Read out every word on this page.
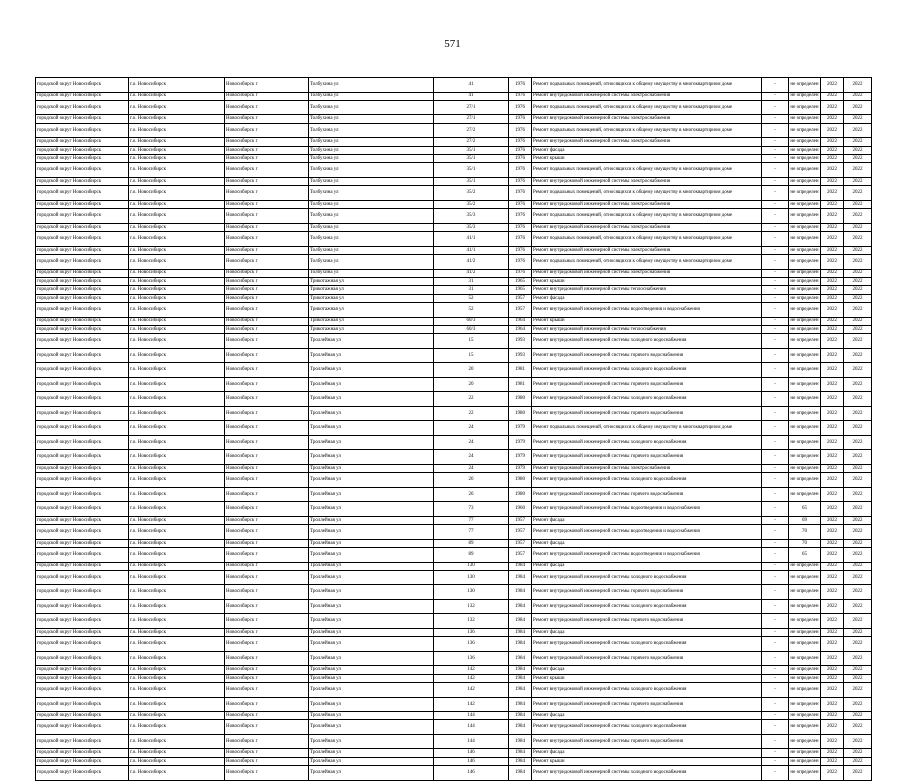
571
городской округ Новосибирск	г.о. Новосибирск	Новосибирск г	Толбухина ул	41	1976	Ремонт подвальных помещений, относящихся к общему имуществу в многоквартирном доме	-	не определен	2022	2022
городской округ Новосибирск	г.о. Новосибирск	Новосибирск г	Толбухина ул	41	1976	Ремонт внутридомовой инженерной системы электроснабжения	-	не определен	2022	2022
городской округ Новосибирск	г.о. Новосибирск	Новосибирск г	Толбухина ул	27/1	1976	Ремонт подвальных помещений, относящихся к общему имуществу в многоквартирном доме	-	не определен	2022	2022
городской округ Новосибирск	г.о. Новосибирск	Новосибирск г	Толбухина ул	27/1	1976	Ремонт внутридомовой инженерной системы электроснабжения	-	не определен	2022	2022
городской округ Новосибирск	г.о. Новосибирск	Новосибирск г	Толбухина ул	27/2	1976	Ремонт подвальных помещений, относящихся к общему имуществу в многоквартирном доме	-	не определен	2022	2022
городской округ Новосибирск	г.о. Новосибирск	Новосибирск г	Толбухина ул	27/2	1976	Ремонт внутридомовой инженерной системы электроснабжения	-	не определен	2022	2022
городской округ Новосибирск	г.о. Новосибирск	Новосибирск г	Толбухина ул	35/1	1976	Ремонт фасада	-	не определен	2022	2022
городской округ Новосибирск	г.о. Новосибирск	Новосибирск г	Толбухина ул	35/1	1976	Ремонт крыши	-	не определен	2022	2022
городской округ Новосибирск	г.о. Новосибирск	Новосибирск г	Толбухина ул	35/1	1976	Ремонт подвальных помещений, относящихся к общему имуществу в многоквартирном доме	-	не определен	2022	2022
городской округ Новосибирск	г.о. Новосибирск	Новосибирск г	Толбухина ул	35/1	1976	Ремонт внутридомовой инженерной системы электроснабжения	-	не определен	2022	2022
городской округ Новосибирск	г.о. Новосибирск	Новосибирск г	Толбухина ул	35/2	1976	Ремонт подвальных помещений, относящихся к общему имуществу в многоквартирном доме	-	не определен	2022	2022
городской округ Новосибирск	г.о. Новосибирск	Новосибирск г	Толбухина ул	35/2	1976	Ремонт внутридомовой инженерной системы электроснабжения	-	не определен	2022	2022
городской округ Новосибирск	г.о. Новосибирск	Новосибирск г	Толбухина ул	35/3	1976	Ремонт подвальных помещений, относящихся к общему имуществу в многоквартирном доме	-	не определен	2022	2022
городской округ Новосибирск	г.о. Новосибирск	Новосибирск г	Толбухина ул	35/3	1976	Ремонт внутридомовой инженерной системы электроснабжения	-	не определен	2022	2022
городской округ Новосибирск	г.о. Новосибирск	Новосибирск г	Толбухина ул	41/1	1976	Ремонт подвальных помещений, относящихся к общему имуществу в многоквартирном доме	-	не определен	2022	2022
городской округ Новосибирск	г.о. Новосибирск	Новосибирск г	Толбухина ул	41/1	1976	Ремонт внутридомовой инженерной системы электроснабжения	-	не определен	2022	2022
городской округ Новосибирск	г.о. Новосибирск	Новосибирск г	Толбухина ул	41/2	1976	Ремонт подвальных помещений, относящихся к общему имуществу в многоквартирном доме	-	не определен	2022	2022
городской округ Новосибирск	г.о. Новосибирск	Новосибирск г	Толбухина ул	41/2	1976	Ремонт внутридомовой инженерной системы электроснабжения	-	не определен	2022	2022
городской округ Новосибирск	г.о. Новосибирск	Новосибирск г	Трикотажная ул	31	1965	Ремонт крыши	-	не определен	2022	2022
городской округ Новосибирск	г.о. Новосибирск	Новосибирск г	Трикотажная ул	31	1965	Ремонт внутридомовой инженерной системы теплоснабжения	-	не определен	2022	2022
городской округ Новосибирск	г.о. Новосибирск	Новосибирск г	Трикотажная ул	52	1957	Ремонт фасада	-	не определен	2022	2022
городской округ Новосибирск	г.о. Новосибирск	Новосибирск г	Трикотажная ул	52	1957	Ремонт внутридомовой инженерной системы водоотведения и водоснабжения	-	не определен	2022	2022
городской округ Новосибирск	г.о. Новосибирск	Новосибирск г	Трикотажная ул	60/3	1964	Ремонт крыши	-	не определен	2022	2022
городской округ Новосибирск	г.о. Новосибирск	Новосибирск г	Трикотажная ул	60/3	1964	Ремонт внутридомовой инженерной системы теплоснабжения	-	не определен	2022	2022
городской округ Новосибирск	г.о. Новосибирск	Новосибирск г	Троллейная ул	15	1993	Ремонт внутридомовой инженерной системы холодного водоснабжения	-	не определен	2022	2022
городской округ Новосибирск	г.о. Новосибирск	Новосибирск г	Троллейная ул	15	1993	Ремонт внутридомовой инженерной системы горячего водоснабжения	-	не определен	2022	2022
городской округ Новосибирск	г.о. Новосибирск	Новосибирск г	Троллейная ул	20	1981	Ремонт внутридомовой инженерной системы холодного водоснабжения	-	не определен	2022	2022
городской округ Новосибирск	г.о. Новосибирск	Новосибирск г	Троллейная ул	20	1981	Ремонт внутридомовой инженерной системы горячего водоснабжения	-	не определен	2022	2022
городской округ Новосибирск	г.о. Новосибирск	Новосибирск г	Троллейная ул	22	1980	Ремонт внутридомовой инженерной системы холодного водоснабжения	-	не определен	2022	2022
городской округ Новосибирск	г.о. Новосибирск	Новосибирск г	Троллейная ул	22	1980	Ремонт внутридомовой инженерной системы горячего водоснабжения	-	не определен	2022	2022
городской округ Новосибирск	г.о. Новосибирск	Новосибирск г	Троллейная ул	24	1979	Ремонт подвальных помещений, относящихся к общему имуществу в многоквартирном доме	-	не определен	2022	2022
городской округ Новосибирск	г.о. Новосибирск	Новосибирск г	Троллейная ул	24	1979	Ремонт внутридомовой инженерной системы холодного водоснабжения	-	не определен	2022	2022
городской округ Новосибирск	г.о. Новосибирск	Новосибирск г	Троллейная ул	24	1979	Ремонт внутридомовой инженерной системы горячего водоснабжения	-	не определен	2022	2022
городской округ Новосибирск	г.о. Новосибирск	Новосибирск г	Троллейная ул	24	1979	Ремонт внутридомовой инженерной системы электроснабжения	-	не определен	2022	2022
городской округ Новосибирск	г.о. Новосибирск	Новосибирск г	Троллейная ул	26	1980	Ремонт внутридомовой инженерной системы холодного водоснабжения	-	не определен	2022	2022
городской округ Новосибирск	г.о. Новосибирск	Новосибирск г	Троллейная ул	26	1980	Ремонт внутридомовой инженерной системы горячего водоснабжения	-	не определен	2022	2022
городской округ Новосибирск	г.о. Новосибирск	Новосибирск г	Троллейная ул	73	1960	Ремонт внутридомовой инженерной системы водоотведения и водоснабжения	-	65	2022	2022
городской округ Новосибирск	г.о. Новосибирск	Новосибирск г	Троллейная ул	77	1957	Ремонт фасада	-	69	2022	2022
городской округ Новосибирск	г.о. Новосибирск	Новосибирск г	Троллейная ул	77	1957	Ремонт внутридомовой инженерной системы водоотведения и водоснабжения	-	70	2022	2022
городской округ Новосибирск	г.о. Новосибирск	Новосибирск г	Троллейная ул	89	1957	Ремонт фасада	-	70	2022	2022
городской округ Новосибирск	г.о. Новосибирск	Новосибирск г	Троллейная ул	89	1957	Ремонт внутридомовой инженерной системы водоотведения и водоснабжения	-	65	2022	2022
городской округ Новосибирск	г.о. Новосибирск	Новосибирск г	Троллейная ул	130	1984	Ремонт фасада	-	не определен	2022	2022
городской округ Новосибирск	г.о. Новосибирск	Новосибирск г	Троллейная ул	130	1984	Ремонт внутридомовой инженерной системы холодного водоснабжения	-	не определен	2022	2022
городской округ Новосибирск	г.о. Новосибирск	Новосибирск г	Троллейная ул	130	1984	Ремонт внутридомовой инженерной системы горячего водоснабжения	-	не определен	2022	2022
городской округ Новосибирск	г.о. Новосибирск	Новосибирск г	Троллейная ул	132	1984	Ремонт внутридомовой инженерной системы холодного водоснабжения	-	не определен	2022	2022
городской округ Новосибирск	г.о. Новосибирск	Новосибирск г	Троллейная ул	132	1984	Ремонт внутридомовой инженерной системы горячего водоснабжения	-	не определен	2022	2022
городской округ Новосибирск	г.о. Новосибирск	Новосибирск г	Троллейная ул	136	1984	Ремонт фасада	-	не определен	2022	2022
городской округ Новосибирск	г.о. Новосибирск	Новосибирск г	Троллейная ул	136	1984	Ремонт внутридомовой инженерной системы холодного водоснабжения	-	не определен	2022	2022
городской округ Новосибирск	г.о. Новосибирск	Новосибирск г	Троллейная ул	136	1984	Ремонт внутридомовой инженерной системы горячего водоснабжения	-	не определен	2022	2022
городской округ Новосибирск	г.о. Новосибирск	Новосибирск г	Троллейная ул	142	1984	Ремонт фасада	-	не определен	2022	2022
городской округ Новосибирск	г.о. Новосибирск	Новосибирск г	Троллейная ул	142	1984	Ремонт крыши	-	не определен	2022	2022
городской округ Новосибирск	г.о. Новосибирск	Новосибирск г	Троллейная ул	142	1984	Ремонт внутридомовой инженерной системы холодного водоснабжения	-	не определен	2022	2022
городской округ Новосибирск	г.о. Новосибирск	Новосибирск г	Троллейная ул	142	1984	Ремонт внутридомовой инженерной системы горячего водоснабжения	-	не определен	2022	2022
городской округ Новосибирск	г.о. Новосибирск	Новосибирск г	Троллейная ул	144	1984	Ремонт фасада	-	не определен	2022	2022
городской округ Новосибирск	г.о. Новосибирск	Новосибирск г	Троллейная ул	144	1984	Ремонт внутридомовой инженерной системы холодного водоснабжения	-	не определен	2022	2022
городской округ Новосибирск	г.о. Новосибирск	Новосибирск г	Троллейная ул	144	1984	Ремонт внутридомовой инженерной системы горячего водоснабжения	-	не определен	2022	2022
городской округ Новосибирск	г.о. Новосибирск	Новосибирск г	Троллейная ул	146	1984	Ремонт фасада	-	не определен	2022	2022
городской округ Новосибирск	г.о. Новосибирск	Новосибирск г	Троллейная ул	146	1984	Ремонт крыши	-	не определен	2022	2022
городской округ Новосибирск	г.о. Новосибирск	Новосибирск г	Троллейная ул	146	1984	Ремонт внутридомовой инженерной системы холодного водоснабжения	-	не определен	2022	2022
